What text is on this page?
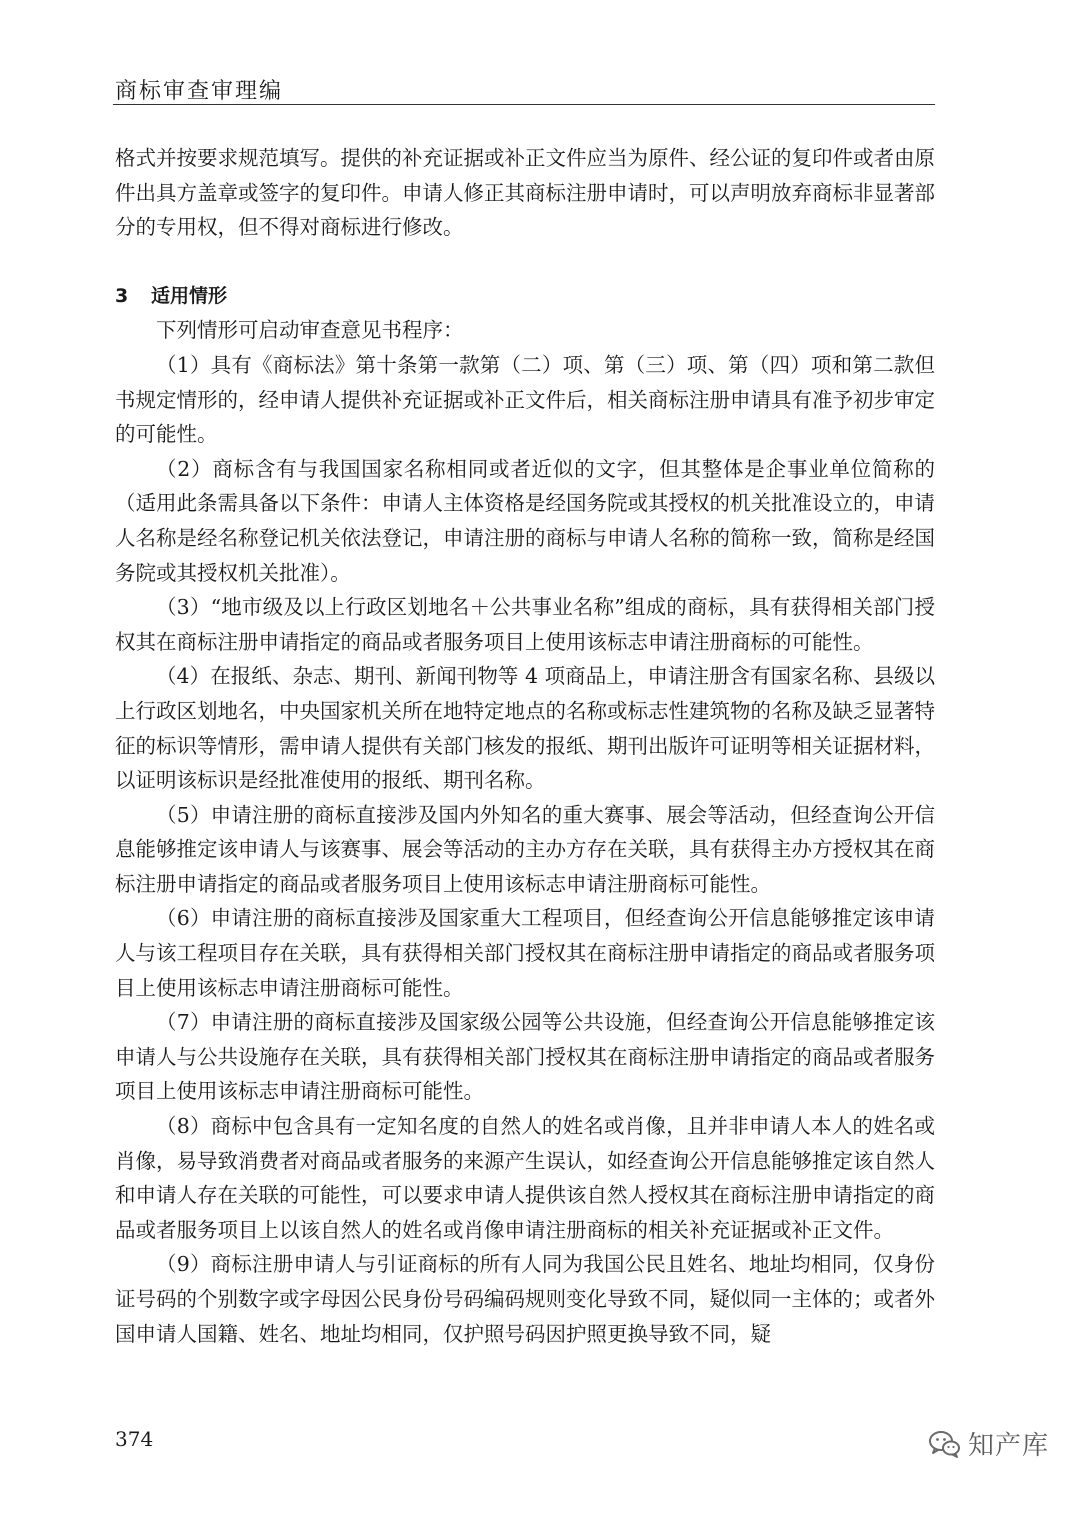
商标审查审理编

格式并按要求规范填写。提供的补充证据或补正文件应当为原件、经公证的复印件或者由原件出具方盖章或签字的复印件。申请人修正其商标注册申请时，可以声明放弃商标非显著部分的专用权，但不得对商标进行修改。

3 适用情形

下列情形可启动审查意见书程序：

（1）具有《商标法》第十条第一款第（二）项、第（三）项、第（四）项和第二款但书规定情形的，经申请人提供补充证据或补正文件后，相关商标注册申请具有准予初步审定的可能性。

（2）商标含有与我国国家名称相同或者近似的文字，但其整体是企事业单位简称的（适用此条需具备以下条件：申请人主体资格是经国务院或其授权的机关批准设立的，申请人名称是经名称登记机关依法登记，申请注册的商标与申请人名称的简称一致，简称是经国务院或其授权机关批准）。

（3）“地市级及以上行政区划地名＋公共事业名称”组成的商标，具有获得相关部门授权其在商标注册申请指定的商品或者服务项目上使用该标志申请注册商标的可能性。

（4）在报纸、杂志、期刊、新闻刊物等 4 项商品上，申请注册含有国家名称、县级以上行政区划地名，中央国家机关所在地特定地点的名称或标志性建筑物的名称及缺乏显著特征的标识等情形，需申请人提供有关部门核发的报纸、期刊出版许可证明等相关证据材料，以证明该标识是经批准使用的报纸、期刊名称。

（5）申请注册的商标直接涉及国内外知名的重大赛事、展会等活动，但经查询公开信息能够推定该申请人与该赛事、展会等活动的主办方存在关联，具有获得主办方授权其在商标注册申请指定的商品或者服务项目上使用该标志申请注册商标可能性。

（6）申请注册的商标直接涉及国家重大工程项目，但经查询公开信息能够推定该申请人与该工程项目存在关联，具有获得相关部门授权其在商标注册申请指定的商品或者服务项目上使用该标志申请注册商标可能性。

（7）申请注册的商标直接涉及国家级公园等公共设施，但经查询公开信息能够推定该申请人与公共设施存在关联，具有获得相关部门授权其在商标注册申请指定的商品或者服务项目上使用该标志申请注册商标可能性。

（8）商标中包含具有一定知名度的自然人的姓名或肖像，且并非申请人本人的姓名或肖像，易导致消费者对商品或者服务的来源产生误认，如经查询公开信息能够推定该自然人和申请人存在关联的可能性，可以要求申请人提供该自然人授权其在商标注册申请指定的商品或者服务项目上以该自然人的姓名或肖像申请注册商标的相关补充证据或补正文件。

（9）商标注册申请人与引证商标的所有人同为我国公民且姓名、地址均相同，仅身份证号码的个别数字或字母因公民身份号码编码规则变化导致不同，疑似同一主体的；或者外国申请人国籍、姓名、地址均相同，仅护照号码因护照更换导致不同，疑

374	知产库
